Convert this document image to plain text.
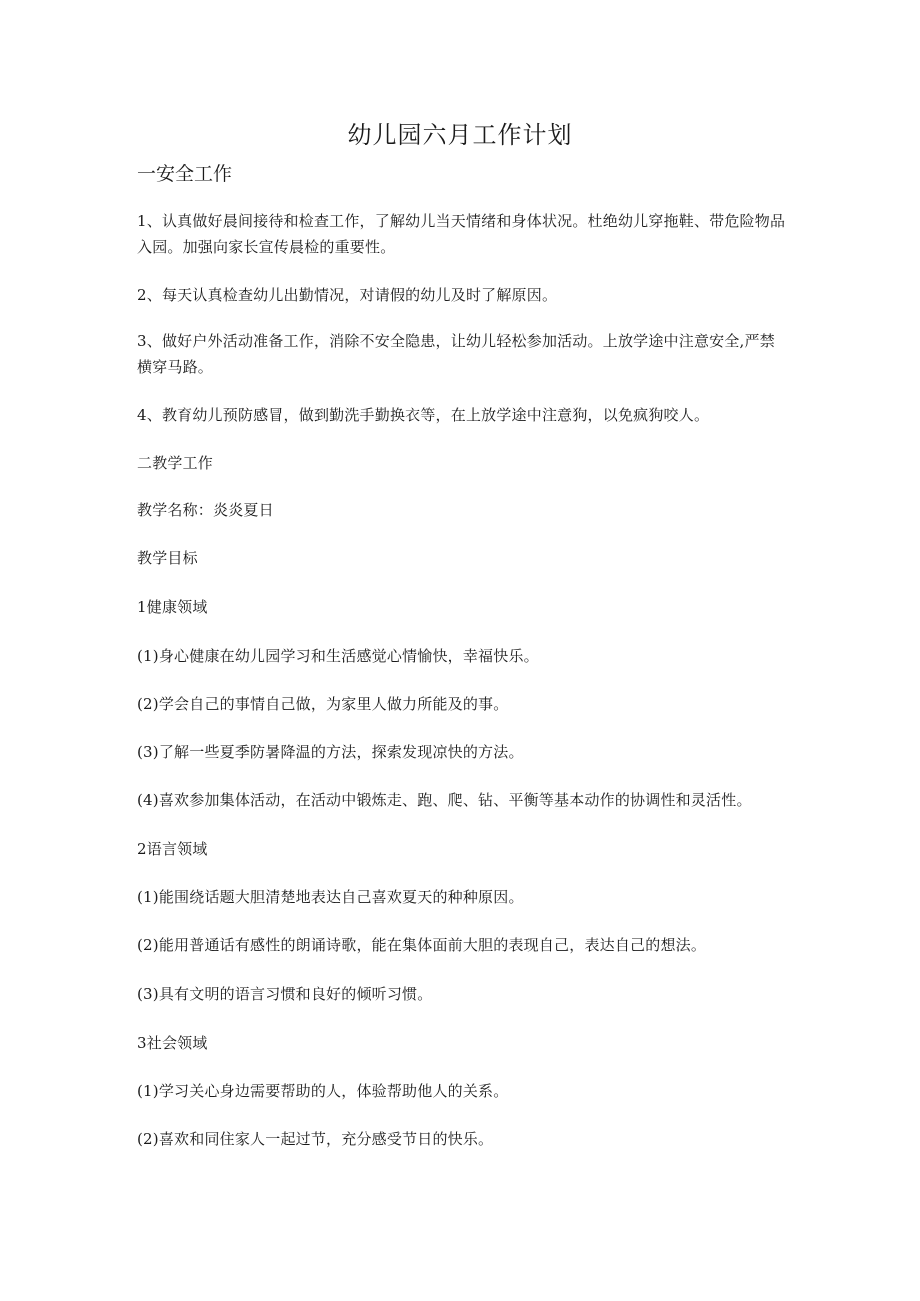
幼儿园六月工作计划
一安全工作
1、认真做好晨间接待和检查工作，了解幼儿当天情绪和身体状况。杜绝幼儿穿拖鞋、带危险物品入园。加强向家长宣传晨检的重要性。
2、每天认真检查幼儿出勤情况，对请假的幼儿及时了解原因。
3、做好户外活动准备工作，消除不安全隐患，让幼儿轻松参加活动。上放学途中注意安全,严禁横穿马路。
4、教育幼儿预防感冒，做到勤洗手勤换衣等，在上放学途中注意狗，以免疯狗咬人。
二教学工作
教学名称：炎炎夏日
教学目标
1健康领域
(1)身心健康在幼儿园学习和生活感觉心情愉快，幸福快乐。
(2)学会自己的事情自己做，为家里人做力所能及的事。
(3)了解一些夏季防暑降温的方法，探索发现凉快的方法。
(4)喜欢参加集体活动，在活动中锻炼走、跑、爬、钻、平衡等基本动作的协调性和灵活性。
2语言领域
(1)能围绕话题大胆清楚地表达自己喜欢夏天的种种原因。
(2)能用普通话有感性的朗诵诗歌，能在集体面前大胆的表现自己，表达自己的想法。
(3)具有文明的语言习惯和良好的倾听习惯。
3社会领域
(1)学习关心身边需要帮助的人，体验帮助他人的关系。
(2)喜欢和同住家人一起过节，充分感受节日的快乐。
